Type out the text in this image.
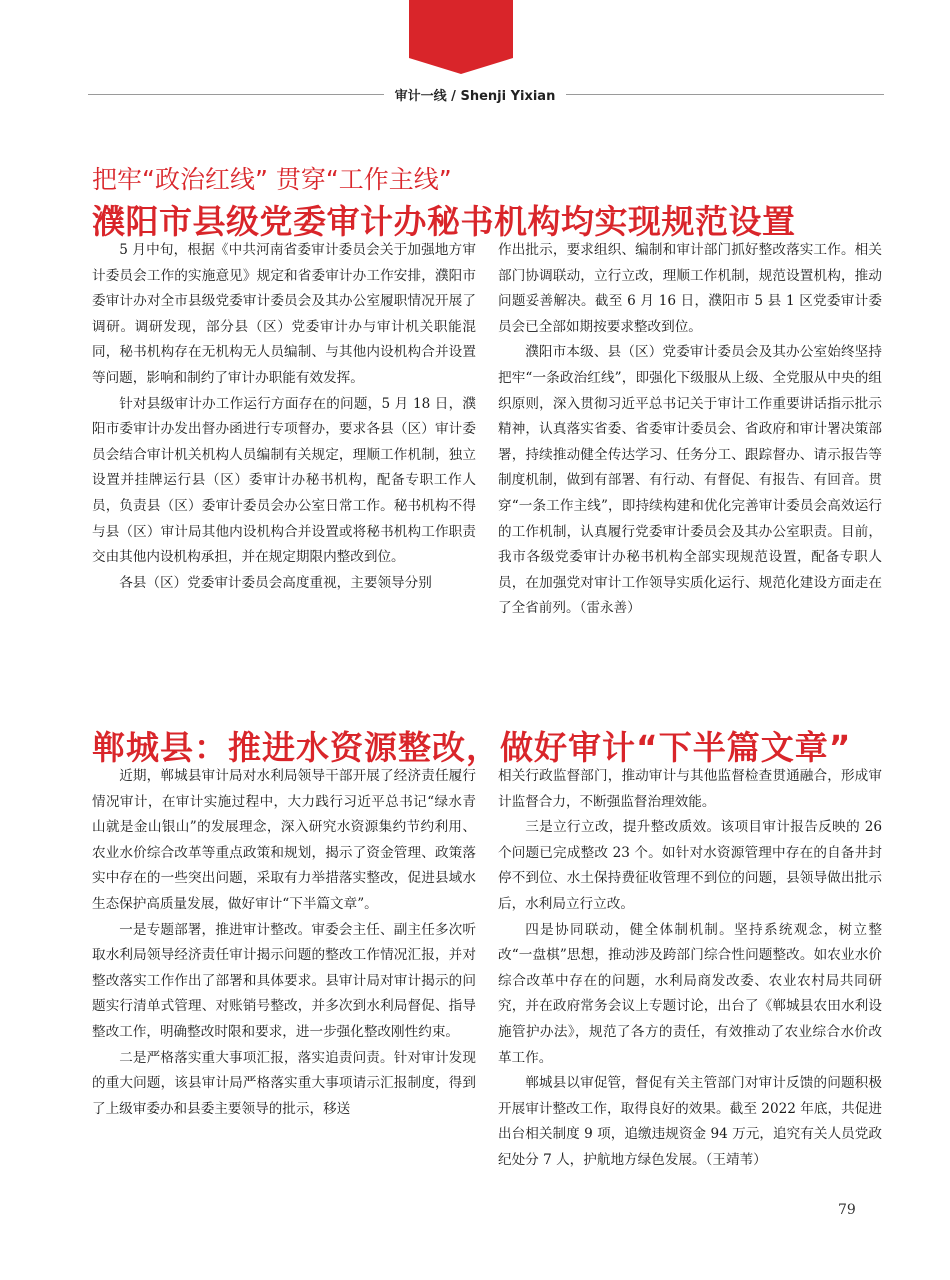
审计一线 / Shenji Yixian
把牢“政治红线” 贯穿“工作主线”
濮阳市县级党委审计办秘书机构均实现规范设置

5 月中旬，根据《中共河南省委审计委员会关于加强地方审计委员会工作的实施意见》规定和省委审计办工作安排，濮阳市委审计办对全市县级党委审计委员会及其办公室履职情况开展了调研。调研发现，部分县（区）党委审计办与审计机关职能混同，秘书机构存在无机构无人员编制、与其他内设机构合并设置等问题，影响和制约了审计办职能有效发挥。

针对县级审计办工作运行方面存在的问题，5 月 18 日，濮阳市委审计办发出督办函进行专项督办，要求各县（区）审计委员会结合审计机关机构人员编制有关规定，理顺工作机制，独立设置并挂牌运行县（区）委审计办秘书机构，配备专职工作人员，负责县（区）委审计委员会办公室日常工作。秘书机构不得与县（区）审计局其他内设机构合并设置或将秘书机构工作职责交由其他内设机构承担，并在规定期限内整改到位。

各县（区）党委审计委员会高度重视，主要领导分别

作出批示，要求组织、编制和审计部门抓好整改落实工作。相关部门协调联动，立行立改，理顺工作机制，规范设置机构，推动问题妥善解决。截至 6 月 16 日，濮阳市 5 县 1 区党委审计委员会已全部如期按要求整改到位。

濮阳市本级、县（区）党委审计委员会及其办公室始终坚持把牢“一条政治红线”，即强化下级服从上级、全党服从中央的组织原则，深入贯彻习近平总书记关于审计工作重要讲话指示批示精神，认真落实省委、省委审计委员会、省政府和审计署决策部署，持续推动健全传达学习、任务分工、跟踪督办、请示报告等制度机制，做到有部署、有行动、有督促、有报告、有回音。贯穿“一条工作主线”，即持续构建和优化完善审计委员会高效运行的工作机制，认真履行党委审计委员会及其办公室职责。目前，我市各级党委审计办秘书机构全部实现规范设置，配备专职人员，在加强党对审计工作领导实质化运行、规范化建设方面走在了全省前列。（雷永善）

郸城县：推进水资源整改，做好审计“下半篇文章”

近期，郸城县审计局对水利局领导干部开展了经济责任履行情况审计，在审计实施过程中，大力践行习近平总书记“绿水青山就是金山银山”的发展理念，深入研究水资源集约节约利用、农业水价综合改革等重点政策和规划，揭示了资金管理、政策落实中存在的一些突出问题，采取有力举措落实整改，促进县域水生态保护高质量发展，做好审计“下半篇文章”。

一是专题部署，推进审计整改。审委会主任、副主任多次听取水利局领导经济责任审计揭示问题的整改工作情况汇报，并对整改落实工作作出了部署和具体要求。县审计局对审计揭示的问题实行清单式管理、对账销号整改，并多次到水利局督促、指导整改工作，明确整改时限和要求，进一步强化整改刚性约束。

二是严格落实重大事项汇报，落实追责问责。针对审计发现的重大问题，该县审计局严格落实重大事项请示汇报制度，得到了上级审委办和县委主要领导的批示，移送

相关行政监督部门，推动审计与其他监督检查贯通融合，形成审计监督合力，不断强监督治理效能。

三是立行立改，提升整改质效。该项目审计报告反映的 26 个问题已完成整改 23 个。如针对水资源管理中存在的自备井封停不到位、水土保持费征收管理不到位的问题，县领导做出批示后，水利局立行立改。

四是协同联动，健全体制机制。坚持系统观念，树立整改“一盘棋”思想，推动涉及跨部门综合性问题整改。如农业水价综合改革中存在的问题，水利局商发改委、农业农村局共同研究，并在政府常务会议上专题讨论，出台了《郸城县农田水利设施管护办法》，规范了各方的责任，有效推动了农业综合水价改革工作。

郸城县以审促管，督促有关主管部门对审计反馈的问题积极开展审计整改工作，取得良好的效果。截至 2022 年底，共促进出台相关制度 9 项，追缴违规资金 94 万元，追究有关人员党政纪处分 7 人，护航地方绿色发展。（王靖苇）

79
